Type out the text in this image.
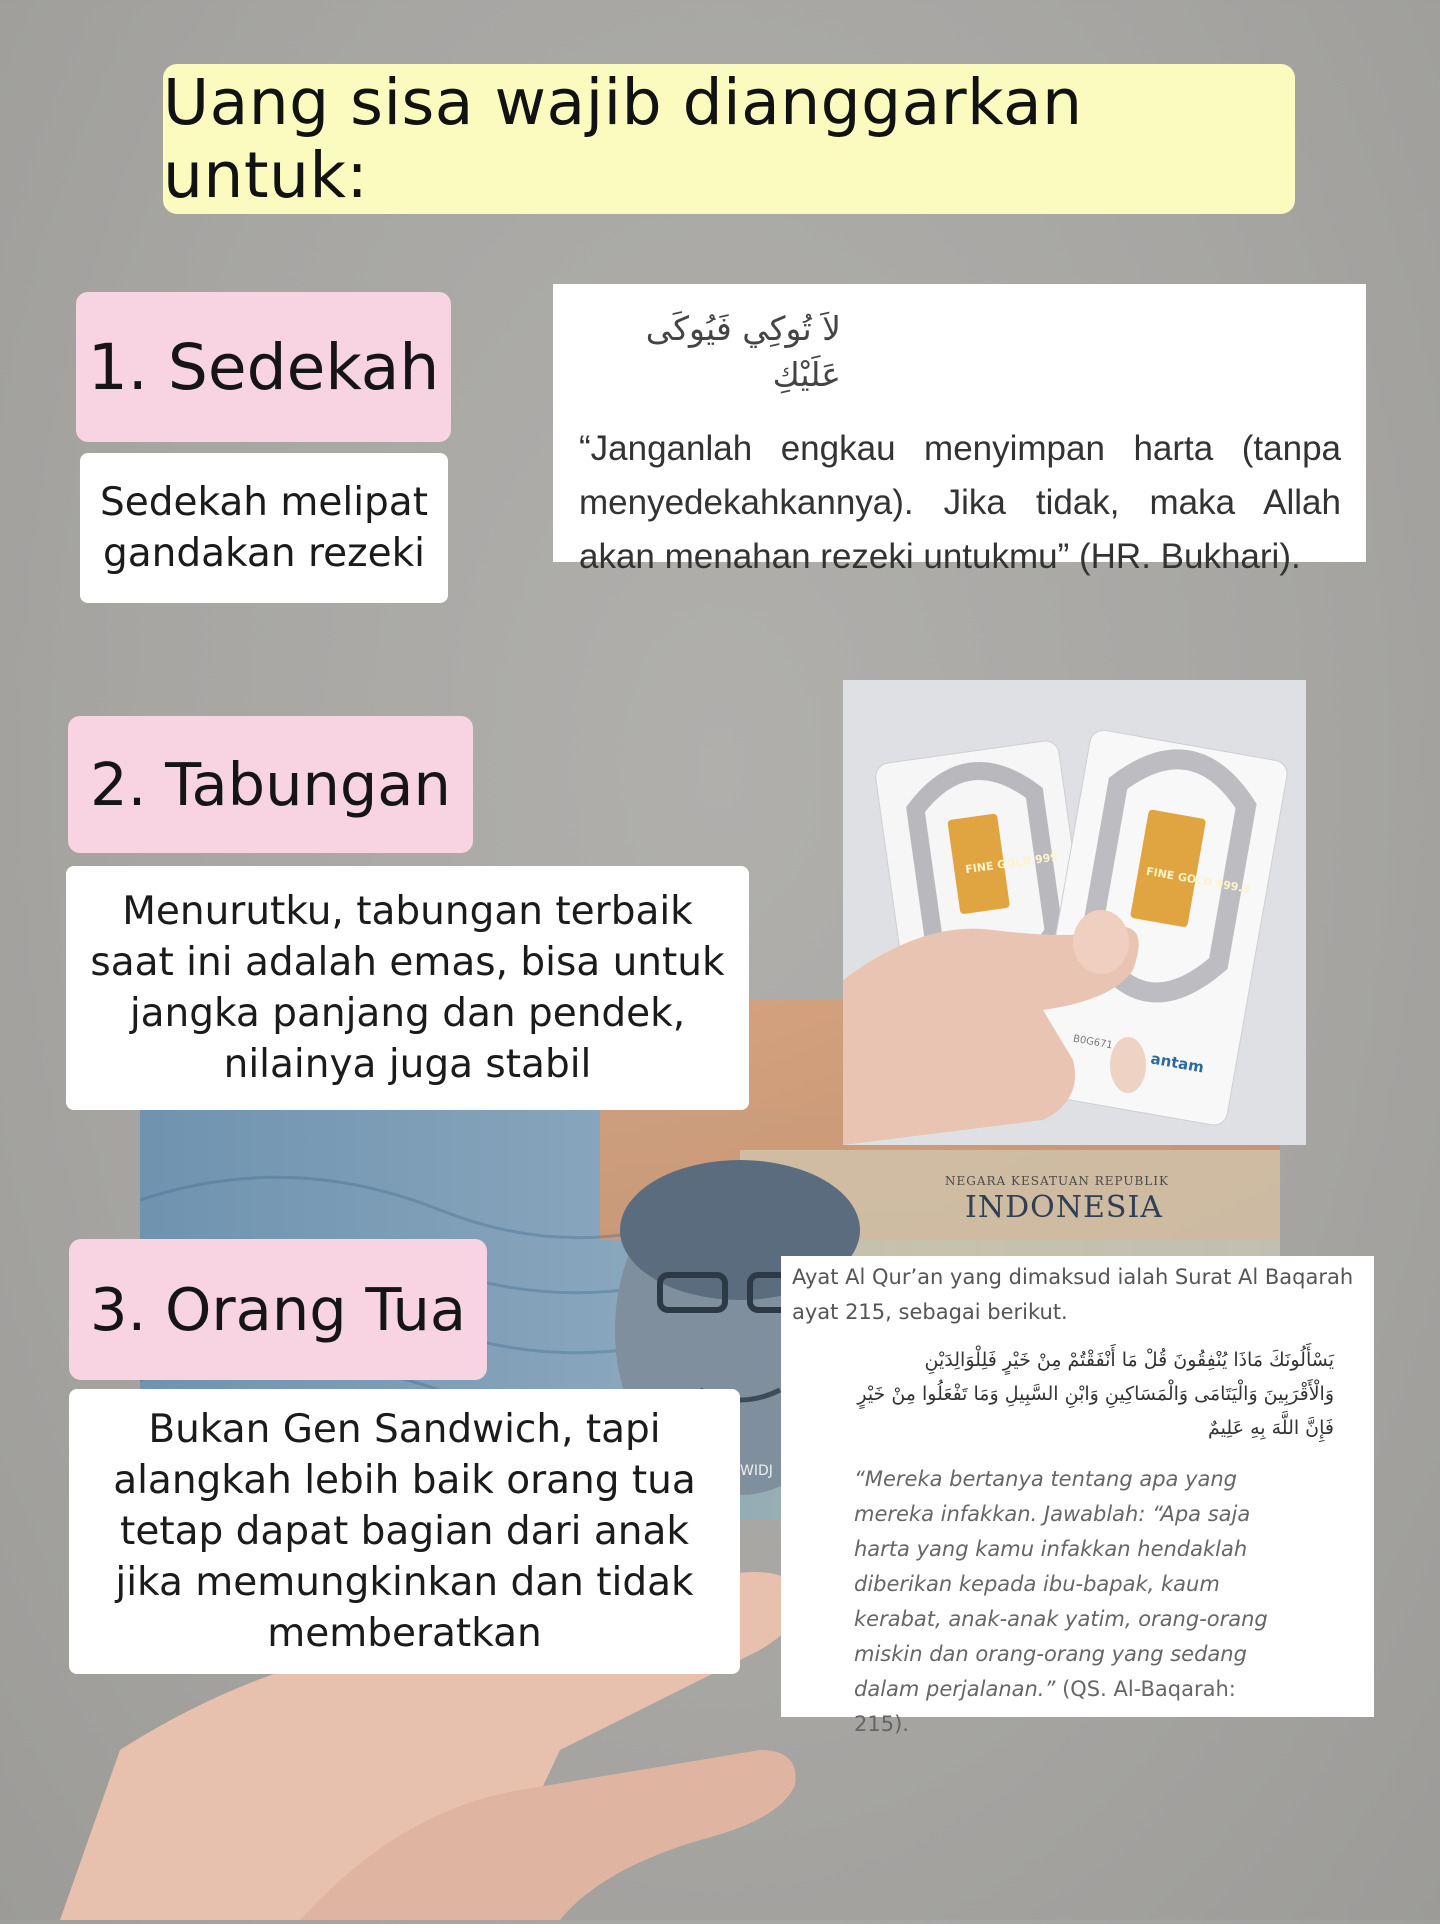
NEGARA KESATUAN REPUBLIK
INDONESIA
WIDJ
Uang sisa wajib dianggarkan untuk:
1. Sedekah
Sedekah melipat gandakan rezeki
لاَ تُوكِي فَيُوكَى عَلَيْكِ
“Janganlah engkau menyimpan harta (tanpa menyedekahkannya). Jika tidak, maka Allah akan menahan rezeki untukmu” (HR. Bukhari).
FINE GOLD 999
FINE GOLD 999.9
B0G671
antam
2. Tabungan
Menurutku, tabungan terbaik saat ini adalah emas, bisa untuk jangka panjang dan pendek, nilainya juga stabil
3. Orang Tua
Bukan Gen Sandwich, tapi alangkah lebih baik orang tua tetap dapat bagian dari anak jika memungkinkan dan tidak memberatkan
Ayat Al Qur’an yang dimaksud ialah Surat Al Baqarah ayat 215, sebagai berikut.
يَسْأَلُونَكَ مَاذَا يُنْفِقُونَ قُلْ مَا أَنْفَقْتُمْ مِنْ خَيْرٍ فَلِلْوَالِدَيْنِ وَالْأَقْرَبِينَ وَالْيَتَامَى وَالْمَسَاكِينِ وَابْنِ السَّبِيلِ وَمَا تَفْعَلُوا مِنْ خَيْرٍ فَإِنَّ اللَّهَ بِهِ عَلِيمٌ
“Mereka bertanya tentang apa yang mereka infakkan. Jawablah: “Apa saja harta yang kamu infakkan hendaklah diberikan kepada ibu-bapak, kaum kerabat, anak-anak yatim, orang-orang miskin dan orang-orang yang sedang dalam perjalanan.” (QS. Al-Baqarah: 215).
